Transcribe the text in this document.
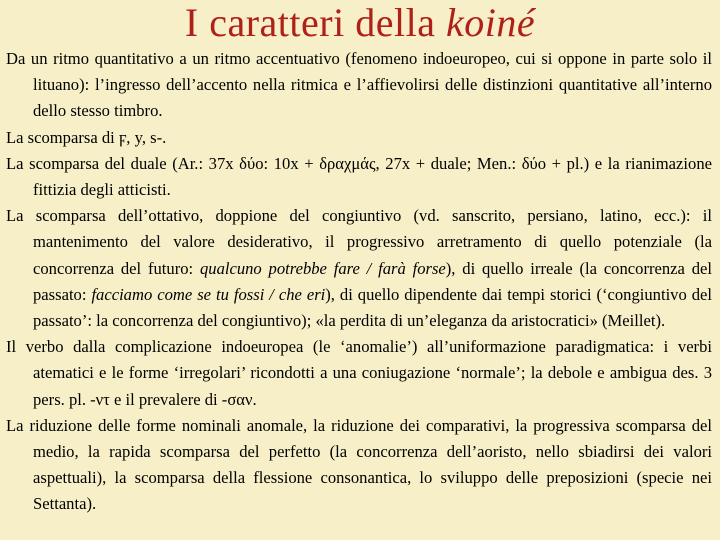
I caratteri della koiné

Da un ritmo quantitativo a un ritmo accentuativo (fenomeno indoeuropeo, cui si oppone in parte solo il lituano): l’ingresso dell’accento nella ritmica e l’affievolirsi delle distinzioni quantitative all’interno dello stesso timbro.

La scomparsa di ϝ, y, s-.

La scomparsa del duale (Ar.: 37x δύο: 10x + δραχμάς, 27x + duale; Men.: δύο + pl.) e la rianimazione fittizia degli atticisti.

La scomparsa dell’ottativo, doppione del congiuntivo (vd. sanscrito, persiano, latino, ecc.): il mantenimento del valore desiderativo, il progressivo arretramento di quello potenziale (la concorrenza del futuro: qualcuno potrebbe fare / farà forse), di quello irreale (la concorrenza del passato: facciamo come se tu fossi / che eri), di quello dipendente dai tempi storici (‘congiuntivo del passato’: la concorrenza del congiuntivo); «la perdita di un’eleganza da aristocratici» (Meillet).

Il verbo dalla complicazione indoeuropea (le ‘anomalie’) all’uniformazione paradigmatica: i verbi atematici e le forme ‘irregolari’ ricondotti a una coniugazione ‘normale’; la debole e ambigua des. 3 pers. pl. -ντ e il prevalere di -σαν.

La riduzione delle forme nominali anomale, la riduzione dei comparativi, la progressiva scomparsa del medio, la rapida scomparsa del perfetto (la concorrenza dell’aoristo, nello sbiadirsi dei valori aspettuali), la scomparsa della flessione consonantica, lo sviluppo delle preposizioni (specie nei Settanta).
